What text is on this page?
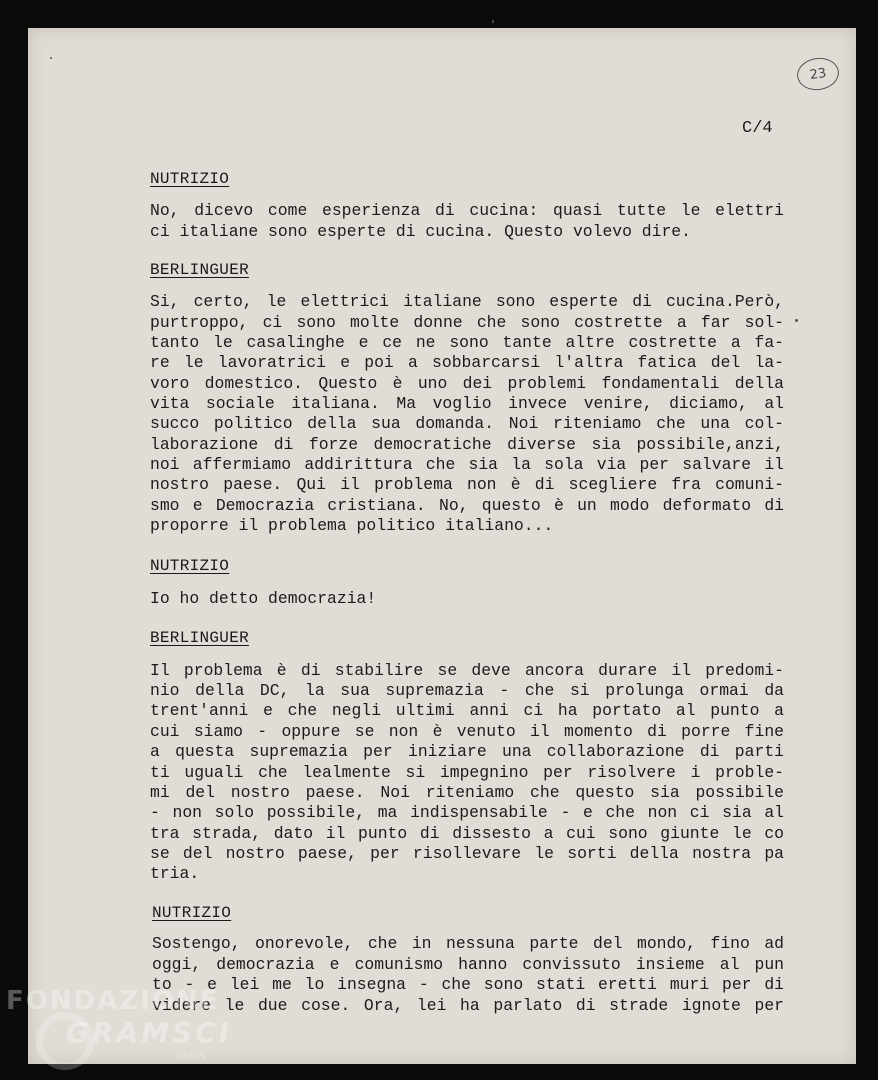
23
C/4
NUTRIZIO
No, dicevo come esperienza di cucina: quasi tutte le elettri
ci italiane sono esperte di cucina. Questo volevo dire.
BERLINGUER
Si, certo, le elettrici italiane sono esperte di cucina.Però,
purtroppo, ci sono molte donne che sono costrette a far sol-
tanto le casalinghe e ce ne sono tante altre costrette a fa-
re le lavoratrici e poi a sobbarcarsi l'altra fatica del la-
voro domestico. Questo è uno dei problemi fondamentali della
vita sociale italiana. Ma voglio invece venire, diciamo, al
succo politico della sua domanda. Noi riteniamo che una col-
laborazione di forze democratiche diverse sia possibile,anzi,
noi affermiamo addirittura che sia la sola via per salvare il
nostro paese. Qui il problema non è di scegliere fra comuni-
smo e Democrazia cristiana. No, questo è un modo deformato di
proporre il problema politico italiano...
NUTRIZIO
Io ho detto democrazia!
BERLINGUER
Il problema è di stabilire se deve ancora durare il predomi-
nio della DC, la sua supremazia - che si prolunga ormai da
trent'anni e che negli ultimi anni ci ha portato al punto a
cui siamo - oppure se non è venuto il momento di porre fine
a questa supremazia per iniziare una collaborazione di parti
ti uguali che lealmente si impegnino per risolvere i proble-
mi del nostro paese. Noi riteniamo che questo sia possibile
- non solo possibile, ma indispensabile - e che non ci sia al
tra strada, dato il punto di dissesto a cui sono giunte le co
se del nostro paese, per risollevare le sorti della nostra pa
tria.
NUTRIZIO
Sostengo, onorevole, che in nessuna parte del mondo, fino ad
oggi, democrazia e comunismo hanno convissuto insieme al pun
to - e lei me lo insegna - che sono stati eretti muri per di
videre le due cose. Ora, lei ha parlato di strade ignote per
FONDAZIONE
GRAMSCI
onlus
